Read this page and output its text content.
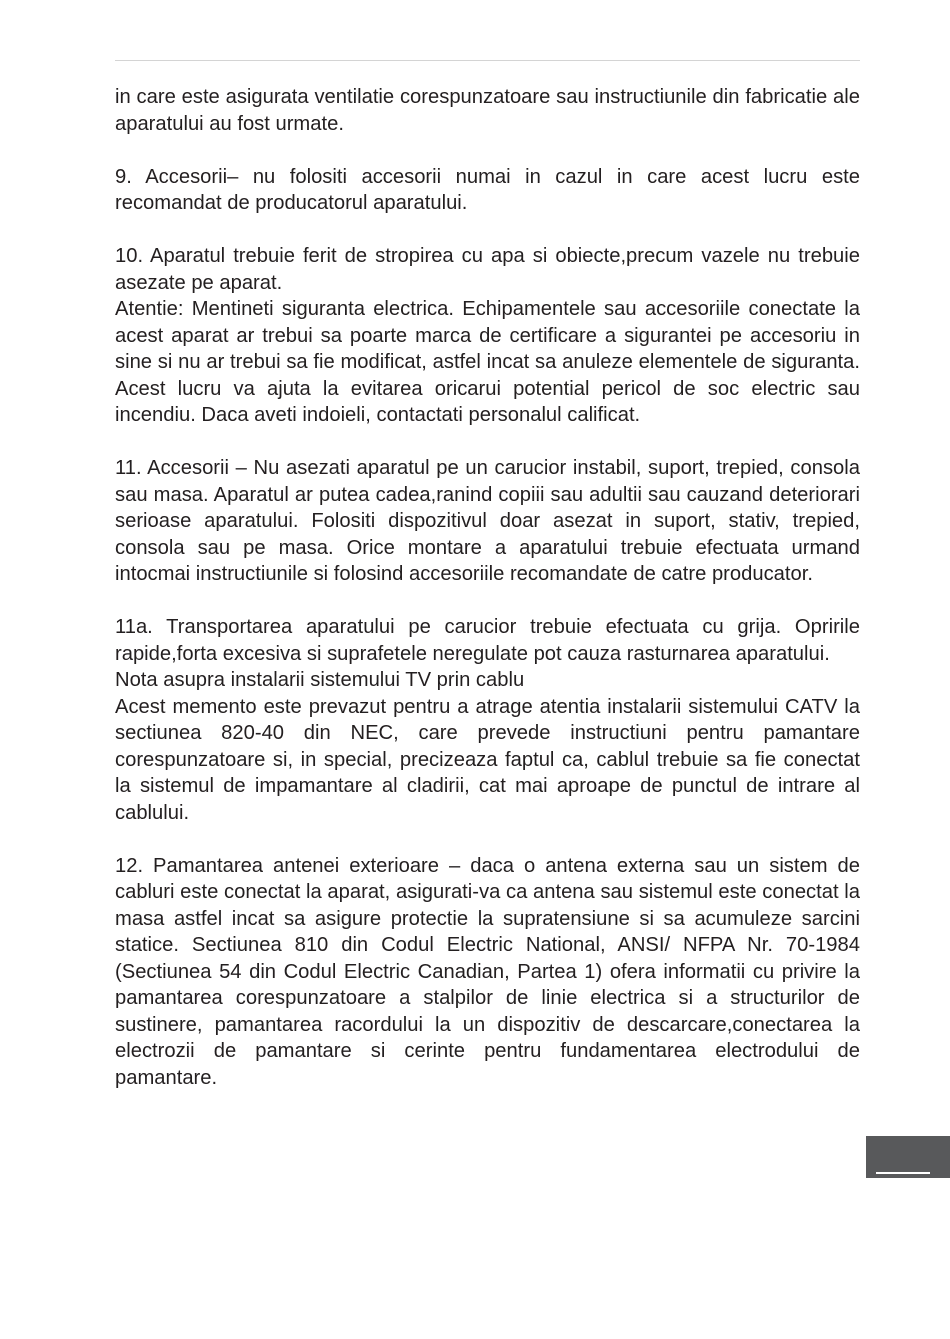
in care este asigurata ventilatie corespunzatoare sau instructiunile din fabricatie ale aparatului au fost urmate.

9. Accesorii– nu folositi accesorii numai in cazul in care acest lucru este recomandat de producatorul aparatului.

10. Aparatul trebuie ferit de stropirea cu apa si obiecte,precum vazele nu trebuie asezate pe aparat.

Atentie: Mentineti siguranta electrica. Echipamentele sau accesoriile conectate la acest aparat ar trebui sa poarte marca de certificare a sigurantei pe accesoriu in sine si nu ar trebui sa fie modificat, astfel incat sa anuleze elementele de siguranta. Acest lucru va ajuta la evitarea oricarui potential pericol de soc electric sau incendiu. Daca aveti indoieli, contactati personalul calificat.

11. Accesorii – Nu asezati aparatul pe un carucior instabil, suport, trepied, consola sau masa. Aparatul ar putea cadea,ranind copiii sau adultii sau cauzand deteriorari serioase aparatului. Folositi dispozitivul doar asezat in suport, stativ, trepied, consola sau pe masa. Orice montare a aparatului trebuie efectuata urmand intocmai instructiunile si folosind accesoriile recomandate de catre producator.

11a. Transportarea aparatului pe carucior trebuie efectuata cu grija. Opririle rapide,forta excesiva si suprafetele neregulate pot cauza rasturnarea aparatului.

Nota asupra instalarii sistemului TV prin cablu

Acest memento este prevazut pentru a atrage atentia instalarii sistemului CATV la sectiunea 820-40 din NEC, care prevede instructiuni pentru pamantare corespunzatoare si, in special, precizeaza faptul ca, cablul trebuie sa fie conectat la sistemul de impamantare al cladirii, cat mai aproape de punctul de intrare al cablului.

12. Pamantarea antenei exterioare – daca o antena externa sau un sistem de cabluri este conectat la aparat, asigurati-va ca antena sau sistemul este conectat la masa astfel incat sa asigure protectie la supratensiune si sa acumuleze sarcini statice. Sectiunea 810 din Codul Electric National, ANSI/ NFPA Nr. 70-1984 (Sectiunea 54 din Codul Electric Canadian, Partea 1) ofera informatii cu privire la pamantarea corespunzatoare a stalpilor de linie electrica si a structurilor de sustinere, pamantarea racordului la un dispozitiv de descarcare,conectarea la electrozii de pamantare si cerinte pentru fundamentarea electrodului de pamantare.
